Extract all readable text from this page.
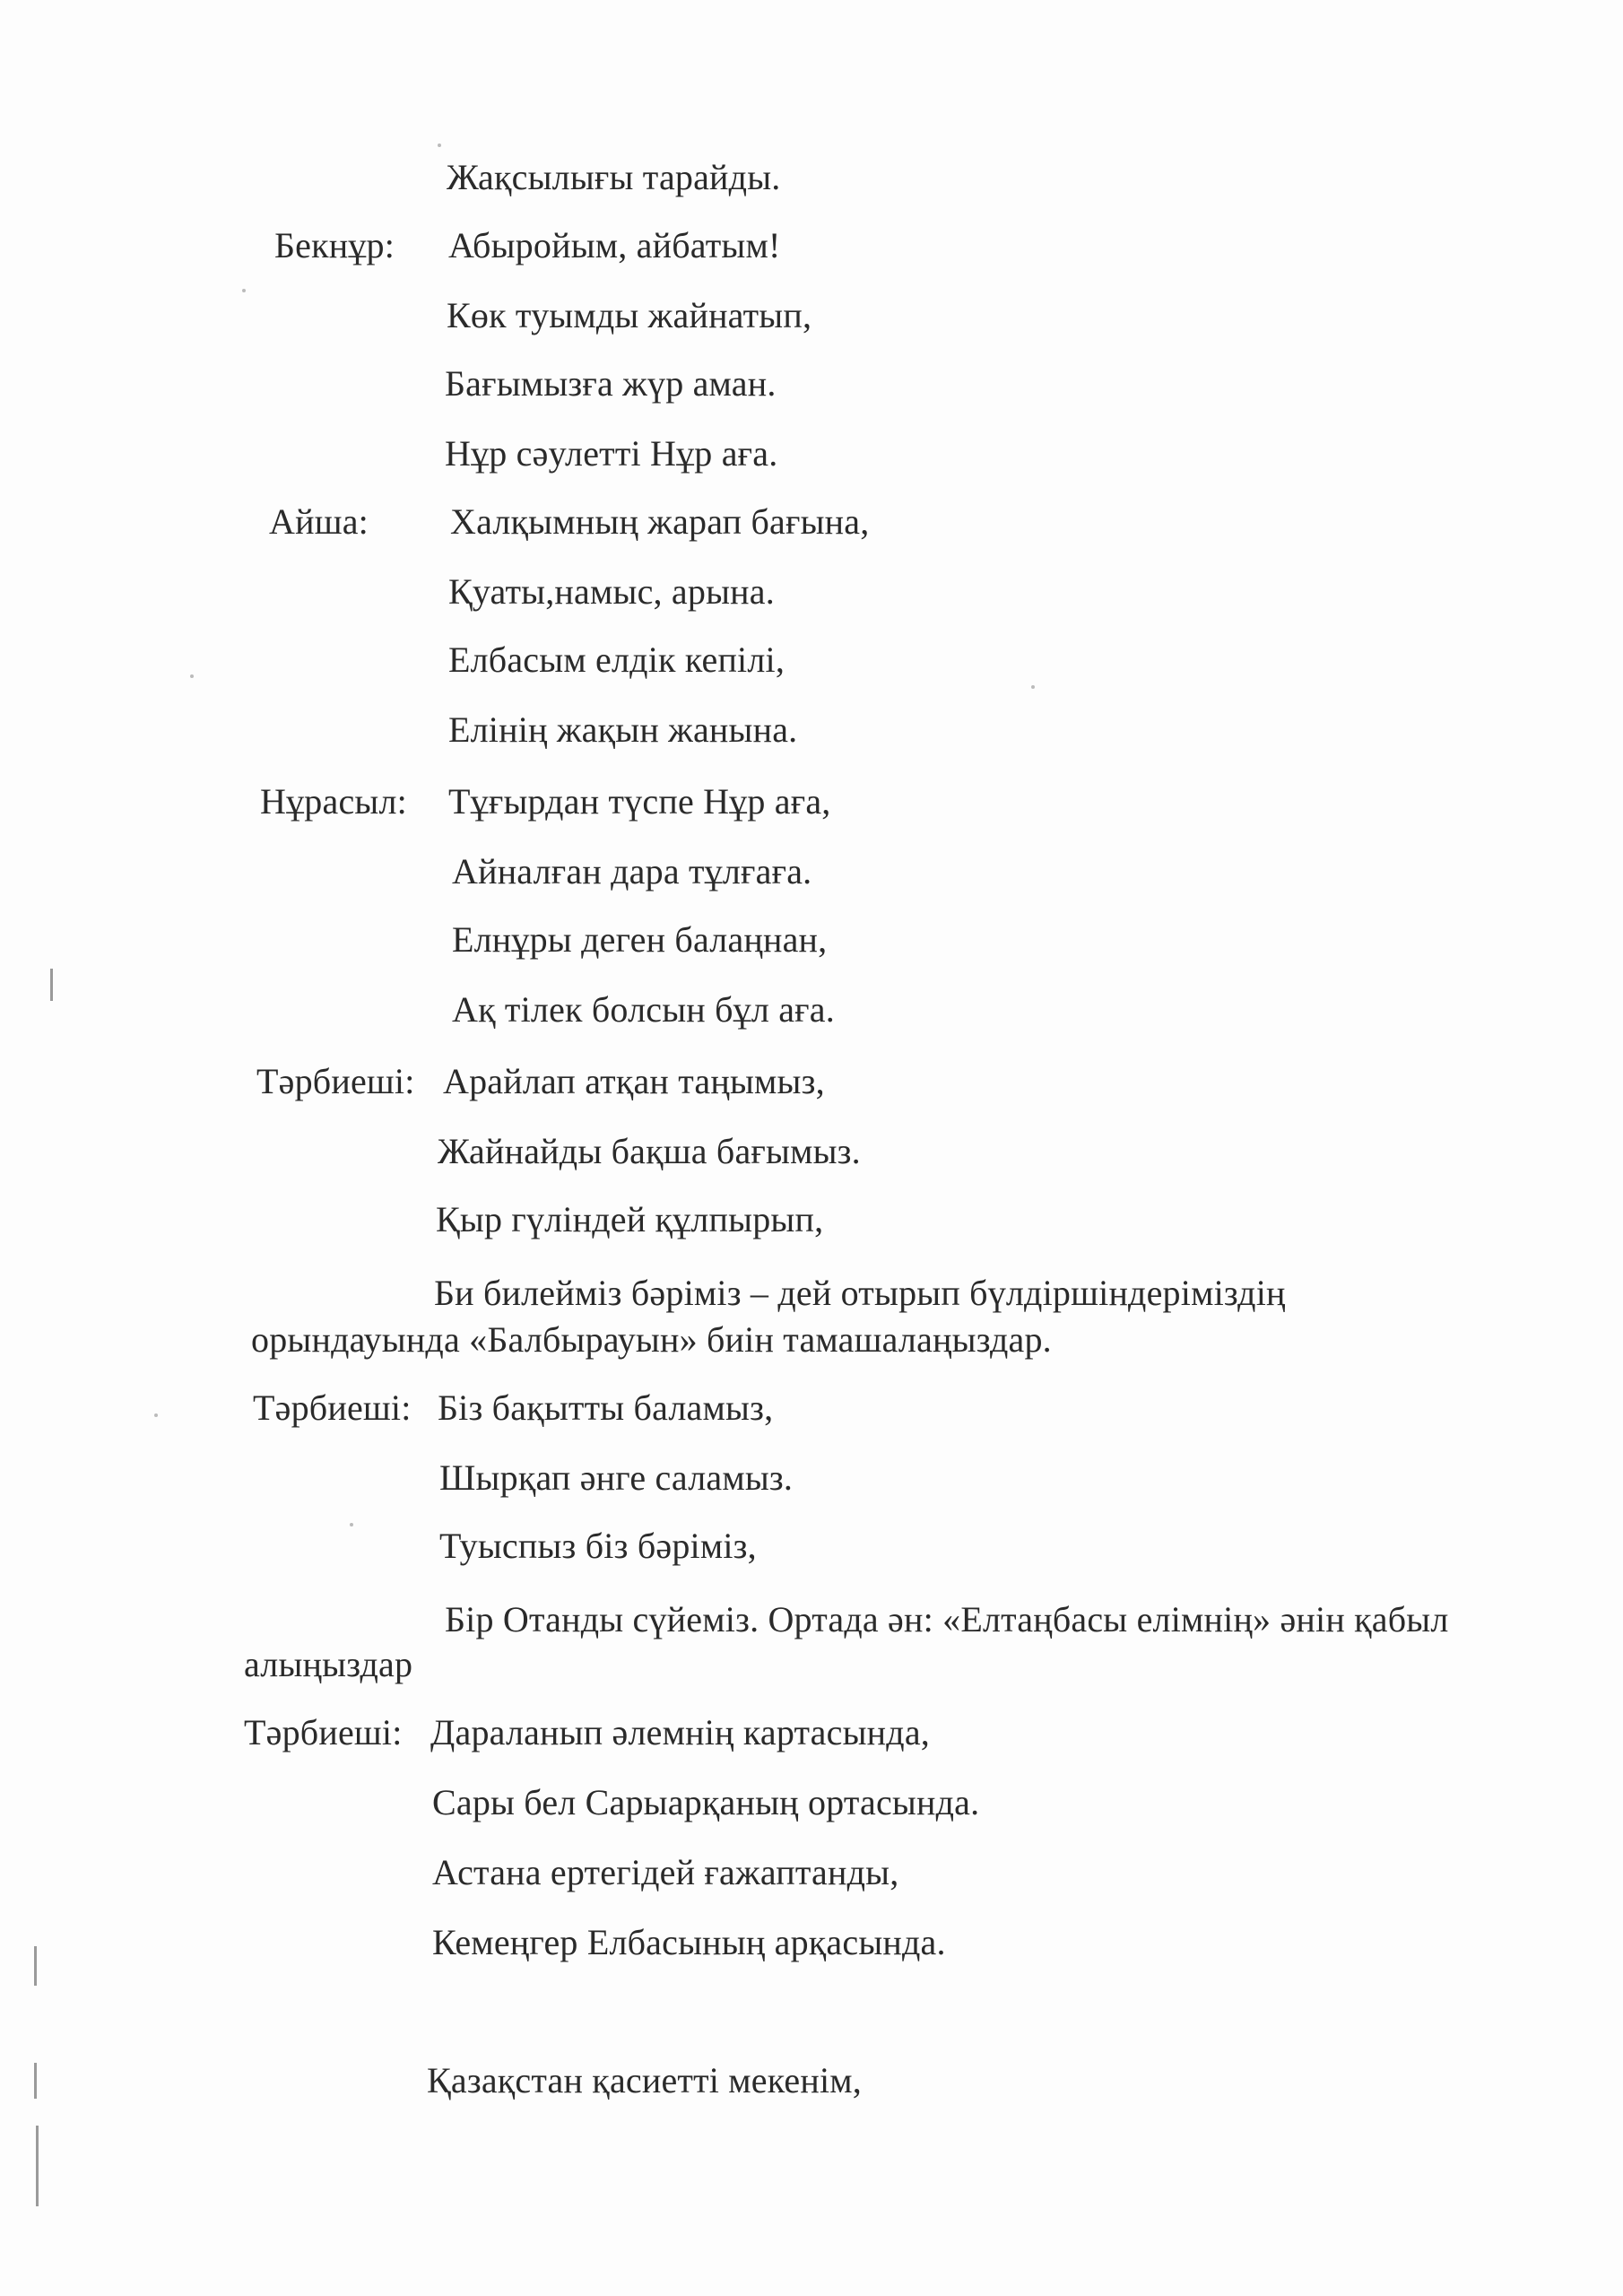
Бекнұр:
Айша:
Нұрасыл:
Тәрбиеші:
Тәрбиеші:
Тәрбиеші:
Жақсылығы тарайды.
Абыройым, айбатым!
Көк туымды жайнатып,
Бағымызға жүр аман.
Нұр сәулетті Нұр аға.
Халқымның жарап бағына,
Қуаты,намыс, арына.
Елбасым елдік кепілі,
Елінің жақын жанына.
Тұғырдан түспе Нұр аға,
Айналған дара тұлғаға.
Елнұры деген балаңнан,
Ақ тілек болсын бұл аға.
Арайлап атқан таңымыз,
Жайнайды бақша бағымыз.
Қыр гүліндей құлпырып,
Би билейміз бәріміз – дей отырып бүлдіршіндеріміздің
орындауында «Балбырауын» биін тамашалаңыздар.
Біз бақытты баламыз,
Шырқап әнге саламыз.
Туыспыз біз бәріміз,
Бір Отанды сүйеміз. Ортада ән: «Елтаңбасы елімнің» әнін қабыл
алыңыздар
Дараланып әлемнің картасында,
Сары бел Сарыарқаның ортасында.
Астана ертегідей ғажаптанды,
Кемеңгер Елбасының арқасында.
Қазақстан қасиетті мекенім,
